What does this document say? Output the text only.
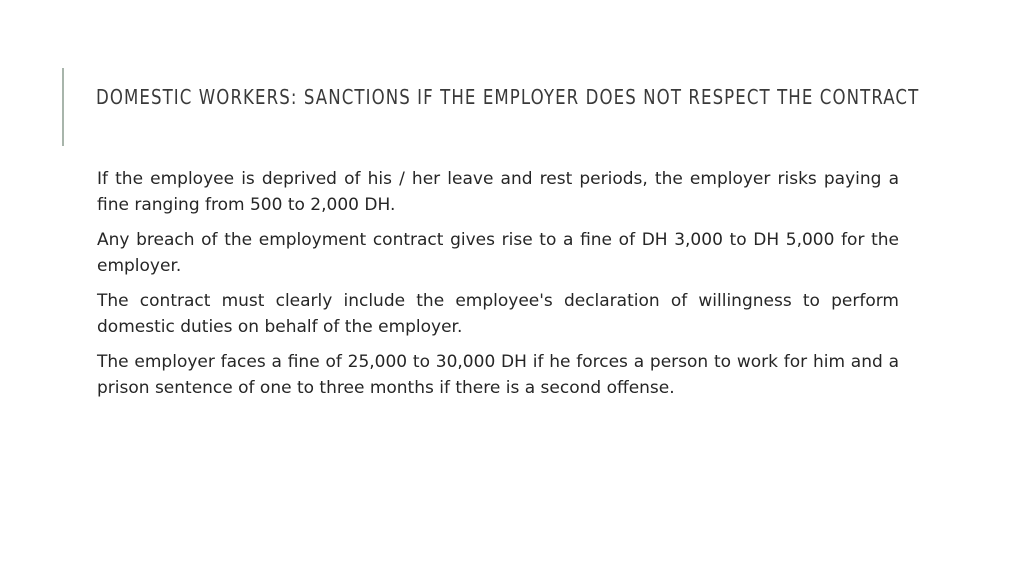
DOMESTIC WORKERS: SANCTIONS IF THE EMPLOYER DOES NOT RESPECT THE CONTRACT

If the employee is deprived of his / her leave and rest periods, the employer risks paying a fine ranging from 500 to 2,000 DH.

Any breach of the employment contract gives rise to a fine of DH 3,000 to DH 5,000 for the employer.

The contract must clearly include the employee's declaration of willingness to perform domestic duties on behalf of the employer.

The employer faces a fine of 25,000 to 30,000 DH if he forces a person to work for him and a prison sentence of one to three months if there is a second offense.
